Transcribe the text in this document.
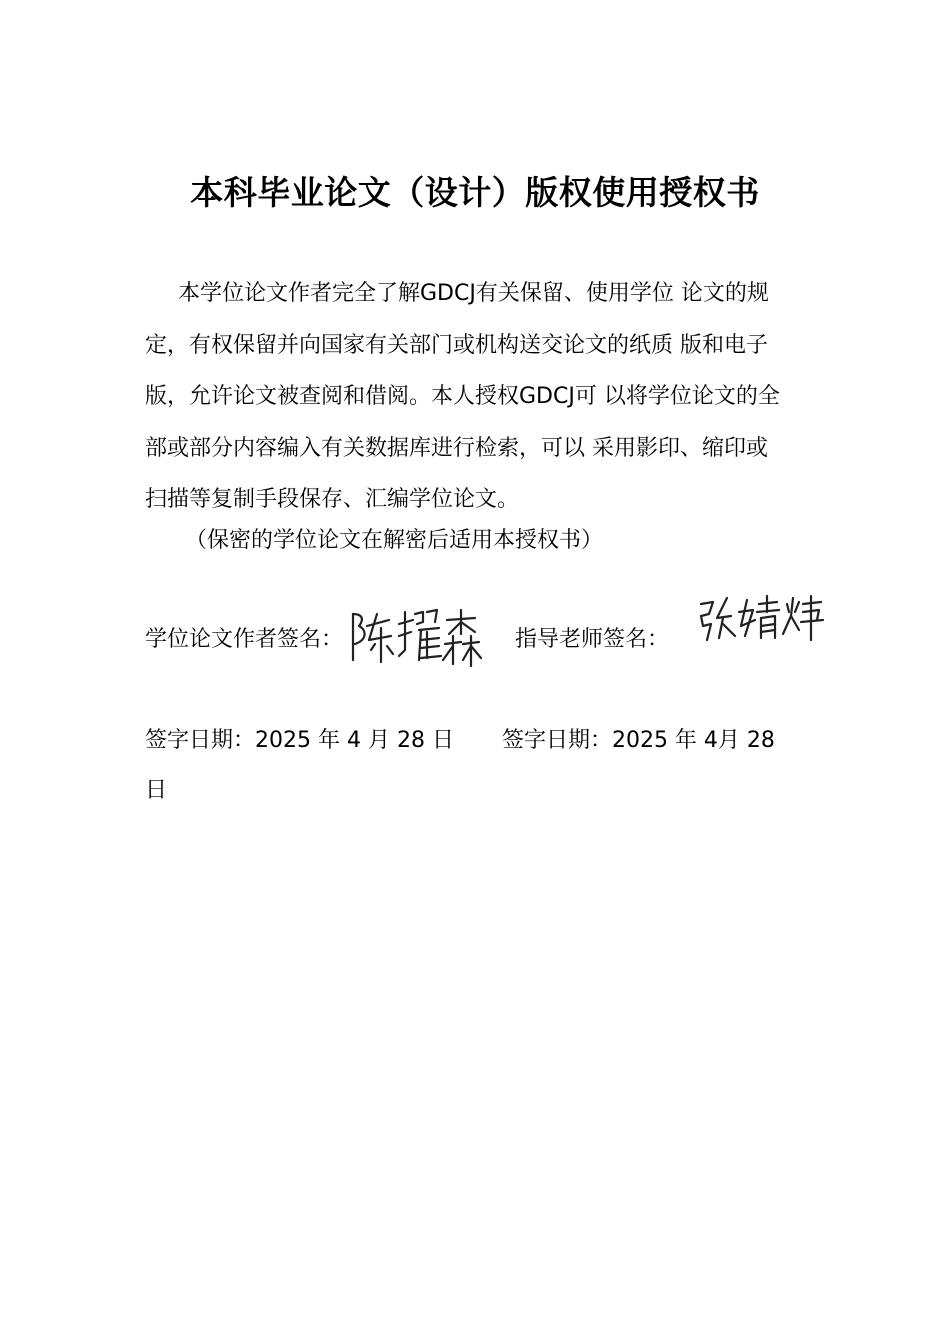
本科毕业论文（设计）版权使用授权书

本学位论文作者完全了解GDCJ有关保留、使用学位 论文的规

定，有权保留并向国家有关部门或机构送交论文的纸质 版和电子

版，允许论文被查阅和借阅。本人授权GDCJ可 以将学位论文的全

部或部分内容编入有关数据库进行检索，可以 采用影印、缩印或

扫描等复制手段保存、汇编学位论文。

（保密的学位论文在解密后适用本授权书）
学位论文作者签名：	指导老师签名：
签字日期：2025 年 4 月 28 日 签字日期：2025 年 4月 28
日
